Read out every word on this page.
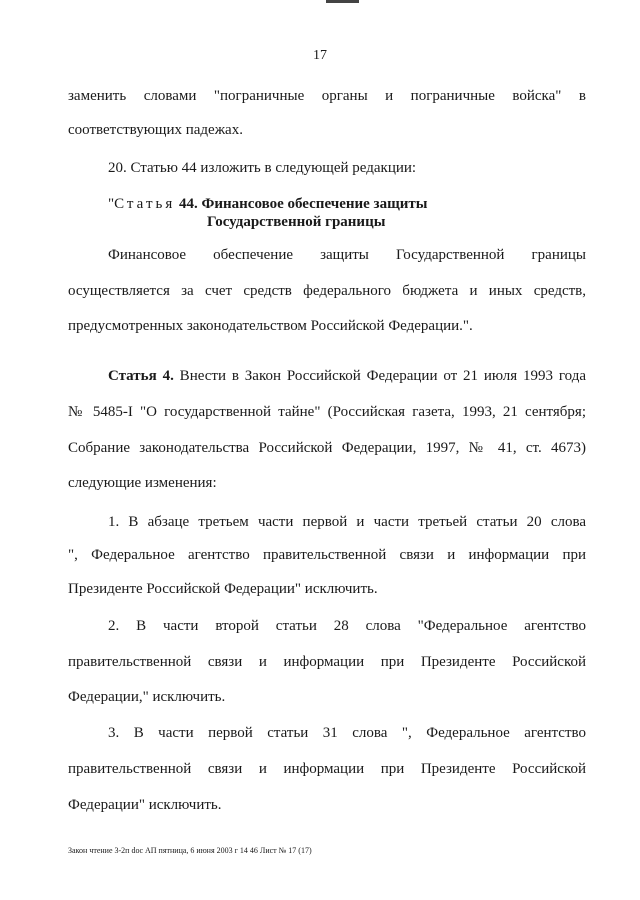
17
заменить словами "пограничные органы и пограничные войска" в
соответствующих падежах.
20. Статью 44 изложить в следующей редакции:
"Статья 44. Финансовое обеспечение защиты
Государственной границы
Финансовое обеспечение защиты Государственной границы
осуществляется за счет средств федерального бюджета и иных средств,
предусмотренных законодательством Российской Федерации.".
Статья 4. Внести в Закон Российской Федерации от 21 июля 1993 года
№ 5485-I "О государственной тайне" (Российская газета, 1993, 21 сентября;
Собрание законодательства Российской Федерации, 1997, № 41, ст. 4673)
следующие изменения:
1. В абзаце третьем части первой и части третьей статьи 20 слова
", Федеральное агентство правительственной связи и информации при
Президенте Российской Федерации" исключить.
2. В части второй статьи 28 слова "Федеральное агентство
правительственной связи и информации при Президенте Российской
Федерации," исключить.
3. В части первой статьи 31 слова ", Федеральное агентство
правительственной связи и информации при Президенте Российской
Федерации" исключить.
Закон чтение 3-2п doc АП пятница, 6 июня 2003 г 14 46 Лист № 17 (17)
